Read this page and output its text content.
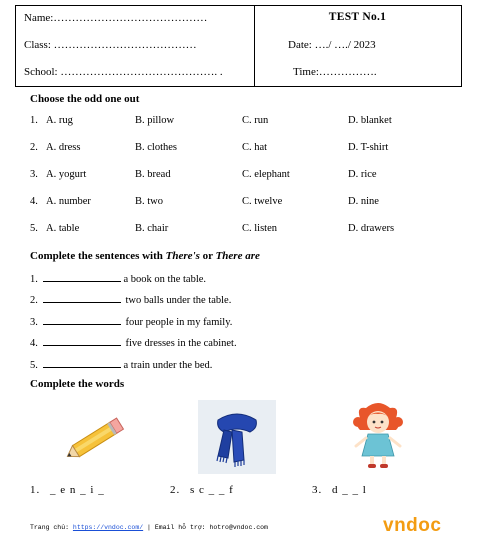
Name:……………………………………
Class: …………………………………
School: ……………………………………. .
TEST No.1
Date: …./ …./ 2023
Time:…………….
Choose the odd one out
1. A. rug	B. pillow	C. run	D. blanket
2. A. dress	B. clothes	C. hat	D. T-shirt
3. A. yogurt	B. bread	C. elephant	D. rice
4. A. number	B. two	C. twelve	D. nine
5. A. table	B. chair	C. listen	D. drawers
Complete the sentences with There's or There are
1.	a book on the table.
2.	two balls under the table.
3.	four people in my family.
4.	five dresses in the cabinet.
5.	a train under the bed.
Complete the words
1. _ e n _ i _	2. s c _ _ f	3. d _ _ l
Trang chủ: https://vndoc.com/ | Email hỗ trợ: hotro@vndoc.com	vndoc
